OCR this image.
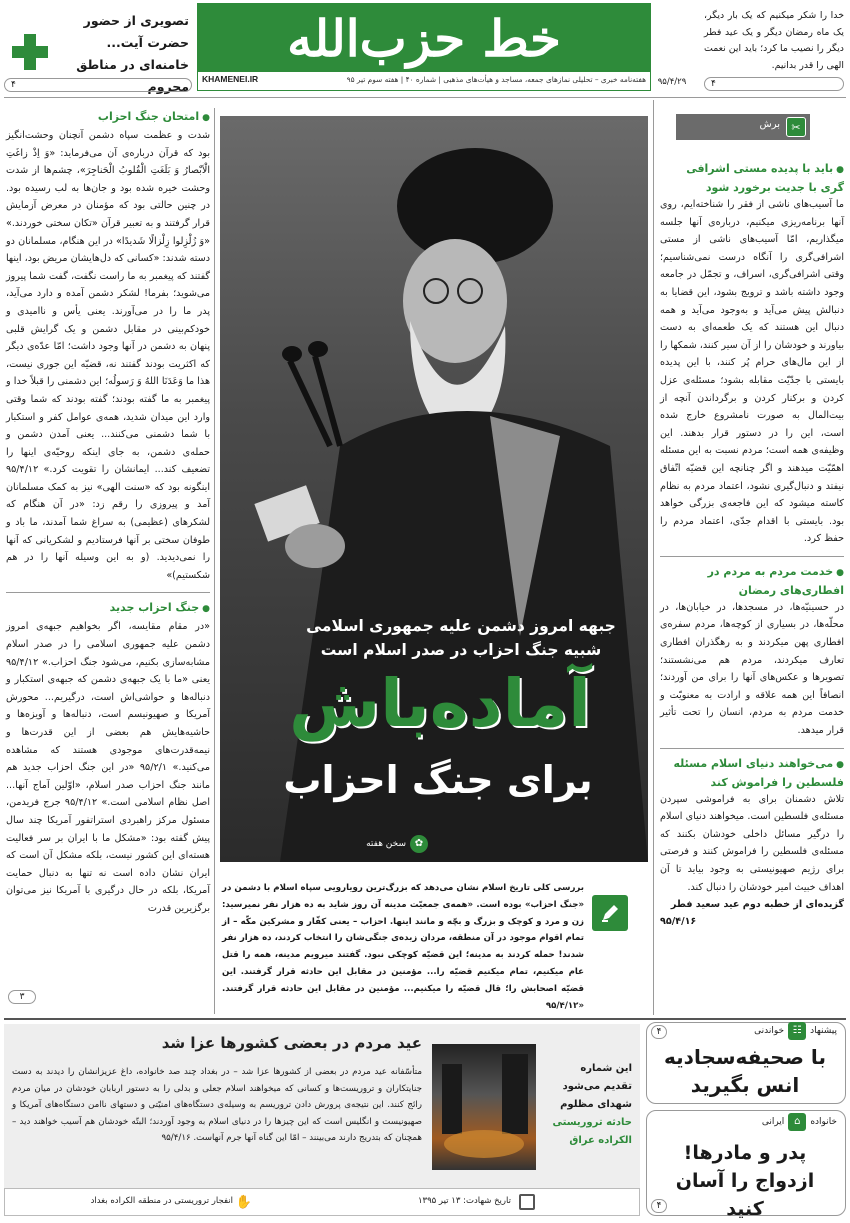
خدا را شکر میکنیم که یک بار دیگر، یک ماه رمضان دیگر و یک عید فطر دیگر را نصیب ما کرد؛ باید این نعمت الهی را قدر بدانیم.
۴
خط حزب‌الله
KHAMENEI.IR	هفته‌نامه خبری – تحلیلی نمازهای جمعه، مساجد و هیأت‌های مذهبی | شماره ۴۰ | هفته سوم تیر ۹۵
تصویری از حضور حضرت آیت... خامنه‌ای در مناطق محروم
۴	۹۵/۴/۲۹
● امتحان جنگ احزاب
شدت و عظمت سپاه دشمن آنچنان وحشت‌انگیز بود که قرآن درباره‌ی آن می‌فرماید: «وَ اِذْ زاغَتِ الْاَبْصارُ وَ بَلَغَتِ الْقُلوبُ الْحَناجِرَ»، چشم‌ها از شدت وحشت خیره شده بود و جان‌ها به لب رسیده بود. در چنین حالتی بود که مؤمنان در معرض آزمایش قرار گرفتند و به تعبیر قرآن «تکان سختی خوردند.» «وَ زُلْزِلوا زِلْزالًا شَديدًا» در این هنگام، مسلمانان دو دسته شدند: «کسانی که دل‌هایشان مریض بود، اینها گفتند که پیغمبر به ما راست نگفت، گفت شما پیروز می‌شوید؛ بفرما! لشکر دشمن آمده و دارد می‌آید، پدر ما را در می‌آورند. یعنی یأس و ناامیدی و خودکم‌بینی در مقابل دشمن و یک گرایش قلبی پنهان به دشمن در آنها وجود داشت؛ امّا عدّه‌ی دیگر که اکثریت بودند گفتند نه، قضیّه این جوری نیست، هذا ما وَعَدَنَا اللهُ وَ رَسولُه؛ این دشمنی را قبلاً خدا و پیغمبر به ما گفته بودند؛ گفته بودند که شما وقتی وارد این میدان شدید، همه‌ی عوامل کفر و استکبار با شما دشمنی می‌کنند... یعنی آمدن دشمن و حمله‌ی دشمن، به جای اینکه روحیّه‌ی اینها را تضعیف کند... ایمانشان را تقویت کرد.» ۹۵/۴/۱۲ اینگونه بود که «سنت الهی» نیز به کمک مسلمانان آمد و پیروزی را رقم زد: «در آن هنگام که لشکرهای (عظیمی) به سراغ شما آمدند، ما باد و طوفان سختی بر آنها فرستادیم و لشکریانی که آنها را نمی‌دیدید. (و به این وسیله آنها را در هم شکستیم)»
● جنگ احزاب جدید
«در مقام مقایسه، اگر بخواهیم جبهه‌ی امروز دشمن علیه جمهوری اسلامی را در صدر اسلام مشابه‌سازی بکنیم، می‌شود جنگ احزاب.» ۹۵/۴/۱۲ یعنی «ما با یک جبهه‌ی دشمن که جبهه‌ی استکبار و دنباله‌ها و حواشی‌اش است، درگیریم... محورش آمریکا و صهیونیسم است، دنباله‌ها و آویزه‌ها و حاشیه‌هایش هم بعضی از این قدرت‌ها و نیمه‌قدرت‌های موجودی هستند که مشاهده می‌کنید.» ۹۵/۲/۱ «در این جنگ احزاب جدید هم مانند جنگ احزاب صدر اسلام، «اوّلین آماج آنها... اصل نظام اسلامی است.» ۹۵/۴/۱۲ جرج فریدمن، مسئول مرکز راهبردی استراتفور آمریکا چند سال پیش گفته بود: «مشکل ما با ایران بر سر فعالیت هسته‌ای این کشور نیست، بلکه مشکل آن است که ایران نشان داده است نه تنها به دنبال حمایت آمریکا، بلکه در حال درگیری با آمریکا نیز می‌توان برگزیرین قدرت
۳
جبهه امروز دشمن علیه جمهوری اسلامی شبیه جنگ احزاب در صدر اسلام است
آماده‌باش
برای جنگ احزاب
✿
سخن هفته
بررسی کلی تاریخ اسلام نشان می‌دهد که بزرگ‌ترین رویارویی سپاه اسلام با دشمن در «جنگ احزاب» بوده است. «همه‌ی جمعیّت مدینه آن روز شاید به ده هزار نفر نمیرسید: زن و مرد و کوچک و بزرگ و بچّه و مانند اینها. احزاب – یعنی کفّار و مشرکین مکّه – از تمام اقوام موجود در آن منطقه، مردان زبده‌ی جنگی‌شان را انتخاب کردند، ده هزار نفر شدند! حمله کردند به مدینه؛ این قضیّه کوچکی نبود. گفتند میرویم مدینه، همه را قتل عام میکنیم، تمام میکنیم قضیّه را... مؤمنین در مقابل این حادثه قرار گرفتند. این قضیّه اصحابش را؛ قال قضیّه را میکنیم... مؤمنین در مقابل این حادثه قرار گرفتند. «۹۵/۴/۱۲
✂
برش
● باید با پدیده مستی اشرافی گری با جدیت برخورد شود
ما آسیب‌های ناشی از فقر را شناخته‌ایم، روی آنها برنامه‌ریزی میکنیم، درباره‌ی آنها جلسه میگذاریم، امّا آسیب‌های ناشی از مستی اشرافی‌گری را آنگاه درست نمی‌شناسیم؛ وقتی اشرافی‌گری، اسراف، و تجمّل در جامعه وجود داشته باشد و ترویج بشود، این قضایا به دنبالش پیش می‌آید و به‌وجود می‌آید و همه دنبال این هستند که یک طعمه‌ای به دست بیاورند و خودشان را از آن سیر کنند، شمکها را از این مال‌های حرام پُر کنند، با این پدیده بایستی با جدّیّت مقابله بشود؛ مسئله‌ی عزل کردن و برکنار کردن و برگرداندن آنچه از بیت‌المال به صورت نامشروع خارج شده است، این را در دستور قرار بدهند. این وظیفه‌ی همه است؛ مردم نسبت به این مسئله اهمّیّت میدهند و اگر چنانچه این قضیّه اتّفاق نیفتد و دنبال‌گیری نشود، اعتماد مردم به نظام کاسته میشود که این فاجعه‌ی بزرگی خواهد بود. بایستی با اقدام جدّی، اعتماد مردم را حفظ کرد.
● خدمت مردم به مردم در افطاری‌های رمضان
در حسینیّه‌ها، در مسجدها، در خیابان‌ها، در محلّه‌ها، در بسیاری از کوچه‌ها، مردم سفره‌ی افطاری پهن میکردند و به رهگذران افطاری تعارف میکردند، مردم هم می‌نشستند؛ تصویرها و عکس‌های آنها را برای من آوردند؛ انصافاً این همه علاقه و ارادت به معنویّت و خدمت مردم به مردم، انسان را تحت تأثیر قرار میدهد.
● می‌خواهند دنیای اسلام مسئله فلسطین را فراموش کند
تلاش دشمنان برای به فراموشی سپردن مسئله‌ی فلسطین است. میخواهند دنیای اسلام را درگیر مسائل داخلی خودشان بکنند که مسئله‌ی فلسطین را فراموش کنند و فرصتی برای رژیم صهیونیستی به وجود بیاید تا آن اهداف خبیث امیر خودشان را دنبال کند.
گزیده‌ای از خطبه دوم عید سعید فطر
۹۵/۴/۱۶
عید مردم در بعضی کشورها عزا شد
متأسّفانه عید مردم در بعضی از کشورها عزا شد – در بغداد چند صد خانواده، داغ عزیزانشان را دیدند به دست جنایتکاران و تروریست‌ها و کسانی که میخواهند اسلام جعلی و بدلی را به دستور اربابان خودشان در میان مردم رائج کنند. این نتیجه‌ی پرورش دادن تروریسم به وسیله‌ی دستگاه‌های امنیّتی و دستهای ناامن دستگاه‌های آمریکا و صهیونیست و انگلیس است که این چیزها را در دنیای اسلام به وجود آوردند؛ البتّه خودشان هم آسیب خواهند دید – همچنان که بتدریج دارند می‌بینند – امّا این گناه آنها جرم آنهاست. ۹۵/۴/۱۶
این شماره
تقدیم می‌شود
شهدای مظلوم
حادثه تروریستی
الکراده عراق
تاریخ شهادت: ۱۳ تیر ۱۳۹۵
✋
انفجار تروریستی در منطقه الکراده بغداد
پیشنهاد
☷
خواندنی
با صحیفه‌سجادیه انس بگیرید
۴
خانواده
⌂
ایرانی
پدر و مادرها! ازدواج را آسان کنید
۴
